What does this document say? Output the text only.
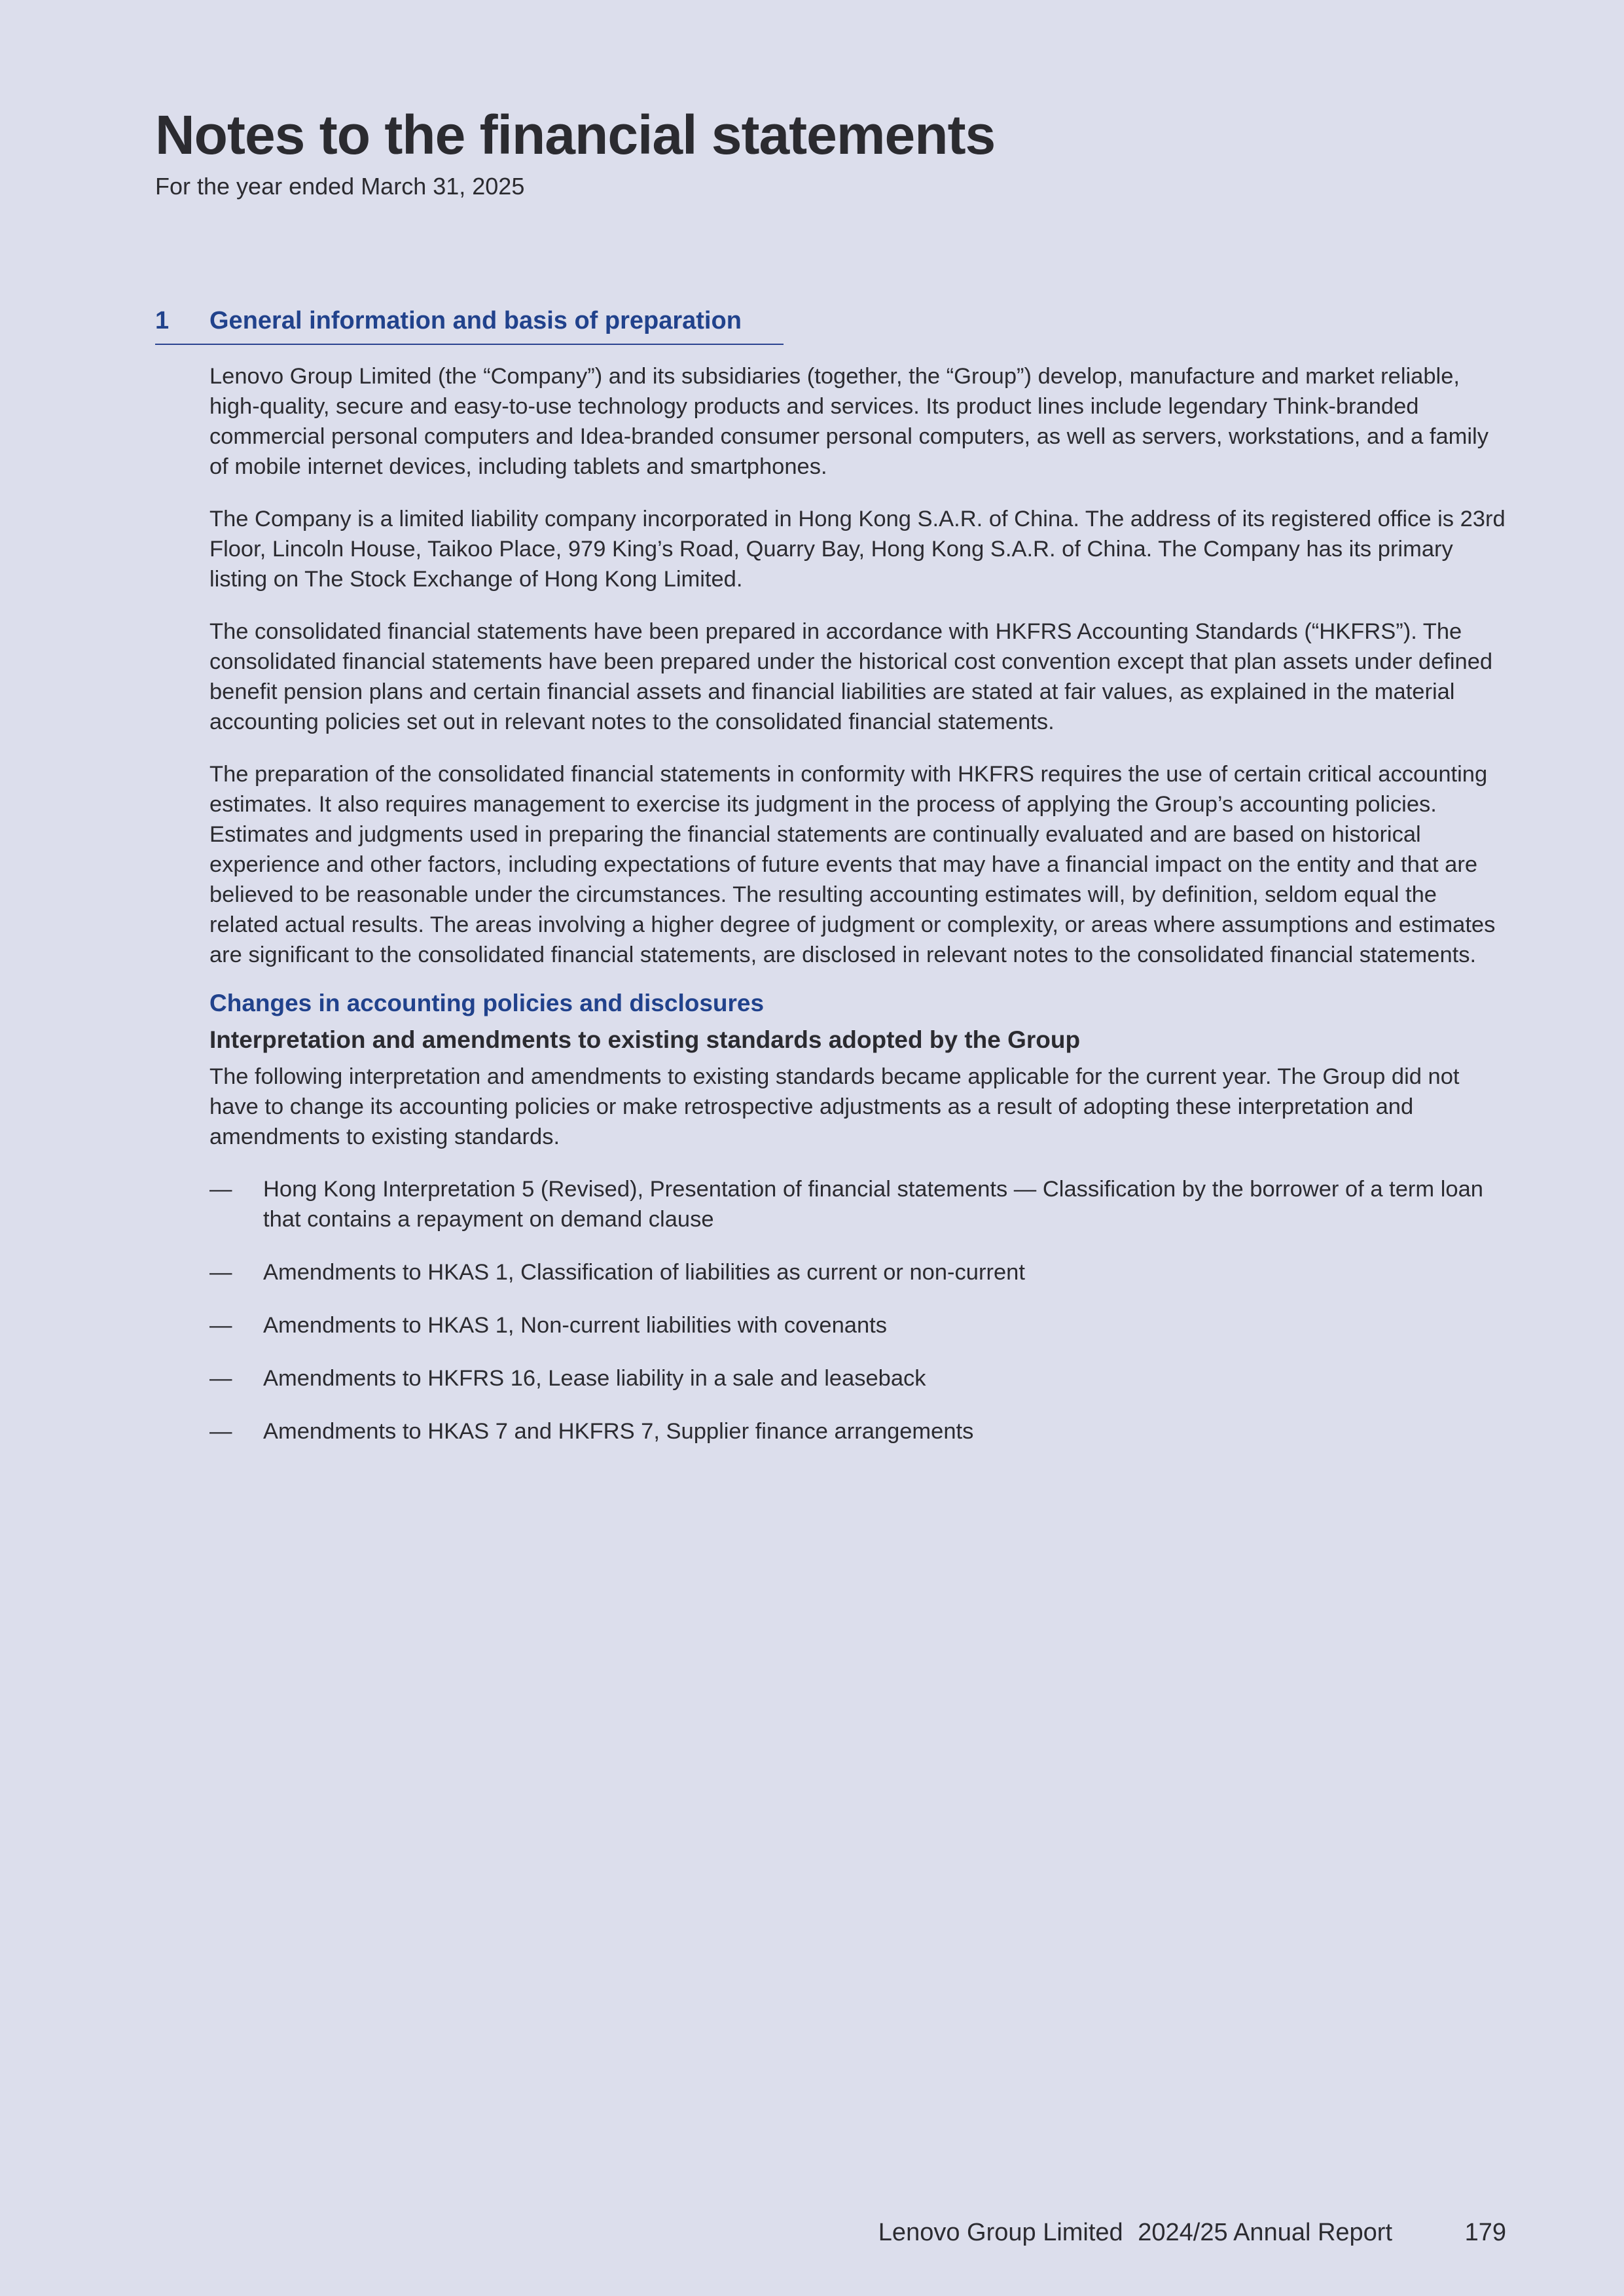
Notes to the financial statements

For the year ended March 31, 2025

1 General information and basis of preparation

Lenovo Group Limited (the “Company”) and its subsidiaries (together, the “Group”) develop, manufacture and market reliable, high-quality, secure and easy-to-use technology products and services. Its product lines include legendary Think-branded commercial personal computers and Idea-branded consumer personal computers, as well as servers, workstations, and a family of mobile internet devices, including tablets and smartphones.

The Company is a limited liability company incorporated in Hong Kong S.A.R. of China. The address of its registered office is 23rd Floor, Lincoln House, Taikoo Place, 979 King’s Road, Quarry Bay, Hong Kong S.A.R. of China. The Company has its primary listing on The Stock Exchange of Hong Kong Limited.

The consolidated financial statements have been prepared in accordance with HKFRS Accounting Standards (“HKFRS”). The consolidated financial statements have been prepared under the historical cost convention except that plan assets under defined benefit pension plans and certain financial assets and financial liabilities are stated at fair values, as explained in the material accounting policies set out in relevant notes to the consolidated financial statements.

The preparation of the consolidated financial statements in conformity with HKFRS requires the use of certain critical accounting estimates. It also requires management to exercise its judgment in the process of applying the Group’s accounting policies. Estimates and judgments used in preparing the financial statements are continually evaluated and are based on historical experience and other factors, including expectations of future events that may have a financial impact on the entity and that are believed to be reasonable under the circumstances. The resulting accounting estimates will, by definition, seldom equal the related actual results. The areas involving a higher degree of judgment or complexity, or areas where assumptions and estimates are significant to the consolidated financial statements, are disclosed in relevant notes to the consolidated financial statements.

Changes in accounting policies and disclosures
Interpretation and amendments to existing standards adopted by the Group

The following interpretation and amendments to existing standards became applicable for the current year. The Group did not have to change its accounting policies or make retrospective adjustments as a result of adopting these interpretation and amendments to existing standards.

— Hong Kong Interpretation 5 (Revised), Presentation of financial statements — Classification by the borrower of a term loan that contains a repayment on demand clause
— Amendments to HKAS 1, Classification of liabilities as current or non-current
— Amendments to HKAS 1, Non-current liabilities with covenants
— Amendments to HKFRS 16, Lease liability in a sale and leaseback
— Amendments to HKAS 7 and HKFRS 7, Supplier finance arrangements
Lenovo Group Limited 2024/25 Annual Report	179
